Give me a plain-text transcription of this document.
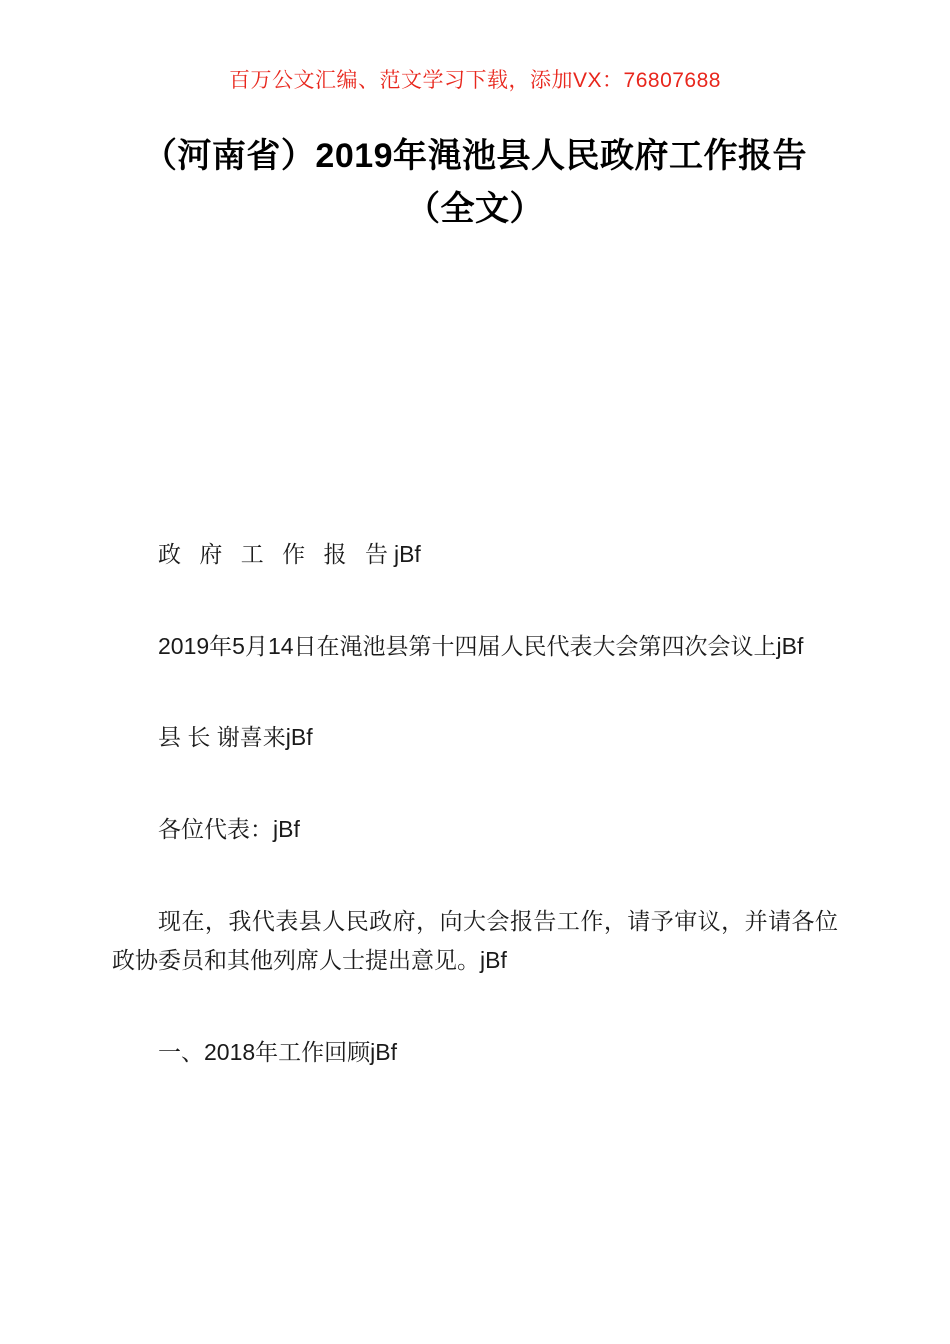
百万公文汇编、范文学习下载，添加VX：76807688
（河南省）2019年渑池县人民政府工作报告（全文）

政 府 工 作 报 告jBf

2019年5月14日在渑池县第十四届人民代表大会第四次会议上jBf

县 长 谢喜来jBf

各位代表：jBf

现在，我代表县人民政府，向大会报告工作，请予审议，并请各位政协委员和其他列席人士提出意见。jBf

一、2018年工作回顾jBf
